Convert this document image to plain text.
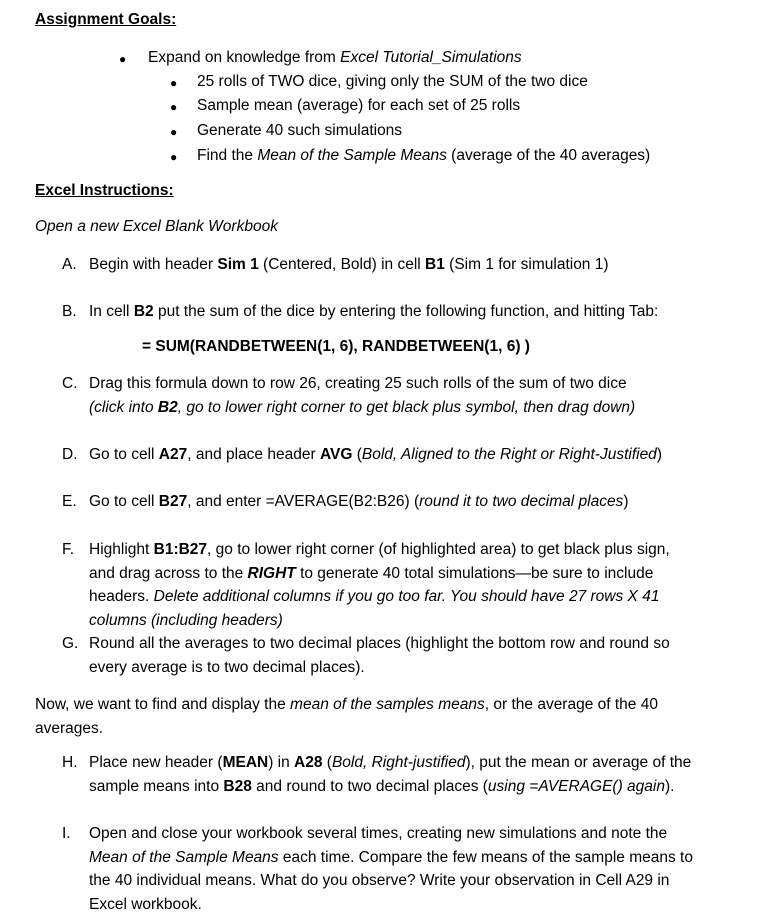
Assignment Goals:
● Expand on knowledge from Excel Tutorial_Simulations
● 25 rolls of TWO dice, giving only the SUM of the two dice
● Sample mean (average) for each set of 25 rolls
● Generate 40 such simulations
● Find the Mean of the Sample Means (average of the 40 averages)
Excel Instructions:
Open a new Excel Blank Workbook
A. Begin with header Sim 1 (Centered, Bold) in cell B1 (Sim 1 for simulation 1)
B. In cell B2 put the sum of the dice by entering the following function, and hitting Tab:
= SUM(RANDBETWEEN(1, 6), RANDBETWEEN(1, 6) )
C. Drag this formula down to row 26, creating 25 such rolls of the sum of two dice
(click into B2, go to lower right corner to get black plus symbol, then drag down)
D. Go to cell A27, and place header AVG (Bold, Aligned to the Right or Right-Justified)
E. Go to cell B27, and enter =AVERAGE(B2:B26) (round it to two decimal places)
F. Highlight B1:B27, go to lower right corner (of highlighted area) to get black plus sign,
and drag across to the RIGHT to generate 40 total simulations—be sure to include
headers. Delete additional columns if you go too far. You should have 27 rows X 41
columns (including headers)
G. Round all the averages to two decimal places (highlight the bottom row and round so
every average is to two decimal places).
Now, we want to find and display the mean of the samples means, or the average of the 40
averages.
H. Place new header (MEAN) in A28 (Bold, Right-justified), put the mean or average of the
sample means into B28 and round to two decimal places (using =AVERAGE() again).
I. Open and close your workbook several times, creating new simulations and note the
Mean of the Sample Means each time. Compare the few means of the sample means to
the 40 individual means. What do you observe? Write your observation in Cell A29 in
Excel workbook.
